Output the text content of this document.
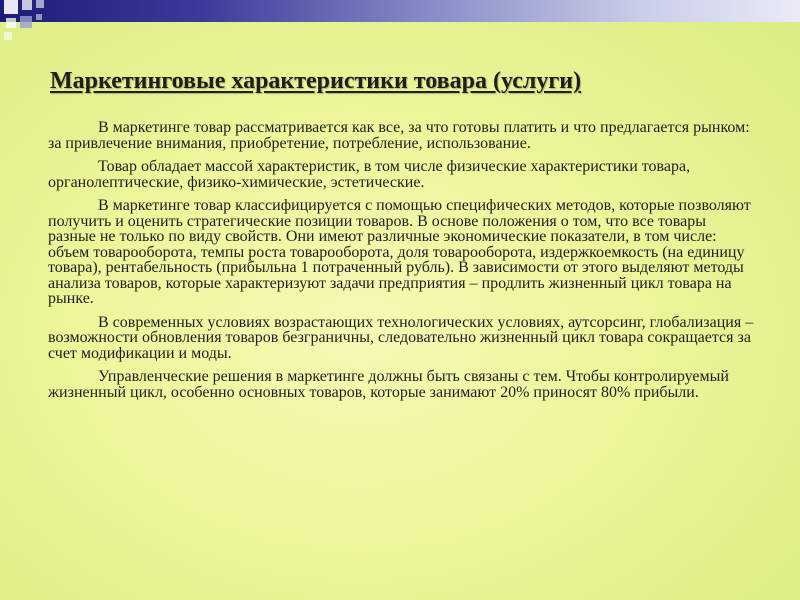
Маркетинговые характеристики товара (услуги)

В маркетинге товар рассматривается как все, за что готовы платить и что предлагается рынком: за привлечение внимания, приобретение, потребление, использование.

Товар обладает массой характеристик, в том числе физические характеристики товара, органолептические, физико-химические, эстетические.

В маркетинге товар классифицируется с помощью специфических методов, которые позволяют получить и оценить стратегические позиции товаров. В основе положения о том, что все товары разные не только по виду свойств. Они имеют различные экономические показатели, в том числе: объем товарооборота, темпы роста товарооборота, доля товарооборота, издержкоемкость (на единицу товара), рентабельность (прибыльна 1 потраченный рубль). В зависимости от этого выделяют методы анализа товаров, которые характеризуют задачи предприятия – продлить жизненный цикл товара на рынке.

В современных условиях возрастающих технологических условиях, аутсорсинг, глобализация – возможности обновления товаров безграничны, следовательно жизненный цикл товара сокращается за счет модификации и моды.

Управленческие решения в маркетинге должны быть связаны с тем. Чтобы контролируемый жизненный цикл, особенно основных товаров, которые занимают 20% приносят 80% прибыли.
